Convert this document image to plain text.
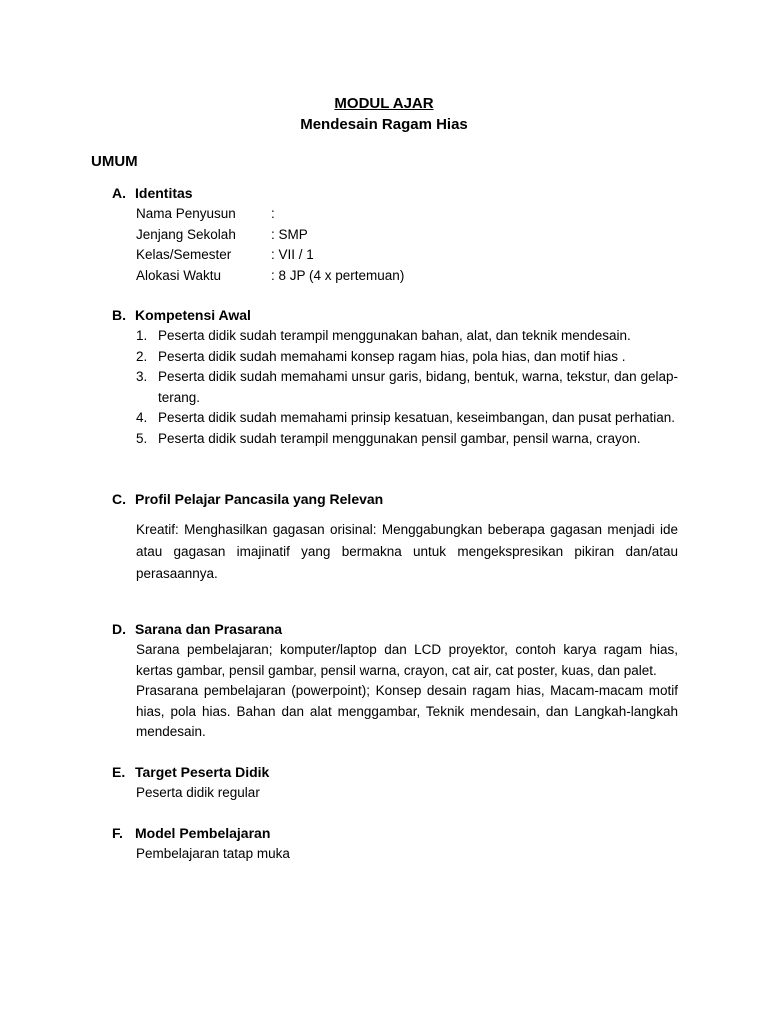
MODUL AJAR
Mendesain Ragam Hias
UMUM
A. Identitas
Nama Penyusun	:
Jenjang Sekolah	: SMP
Kelas/Semester	: VII / 1
Alokasi Waktu	: 8 JP (4 x pertemuan)
B. Kompetensi Awal
1. Peserta didik sudah terampil menggunakan bahan, alat, dan teknik mendesain.
2. Peserta didik sudah memahami konsep ragam hias, pola hias, dan motif hias .
3. Peserta didik sudah memahami unsur garis, bidang, bentuk, warna, tekstur, dan gelap-terang.
4. Peserta didik sudah memahami prinsip kesatuan, keseimbangan, dan pusat perhatian.
5. Peserta didik sudah terampil menggunakan pensil gambar, pensil warna, crayon.
C. Profil Pelajar Pancasila yang Relevan
Kreatif: Menghasilkan gagasan orisinal: Menggabungkan beberapa gagasan menjadi ide atau gagasan imajinatif yang bermakna untuk mengekspresikan pikiran dan/atau perasaannya.
D. Sarana dan Prasarana

Sarana pembelajaran; komputer/laptop dan LCD proyektor, contoh karya ragam hias, kertas gambar, pensil gambar, pensil warna, crayon, cat air, cat poster, kuas, dan palet.

Prasarana pembelajaran (powerpoint); Konsep desain ragam hias, Macam-macam motif hias, pola hias. Bahan dan alat menggambar, Teknik mendesain, dan Langkah-langkah mendesain.

E. Target Peserta Didik
Peserta didik regular
F. Model Pembelajaran
Pembelajaran tatap muka
